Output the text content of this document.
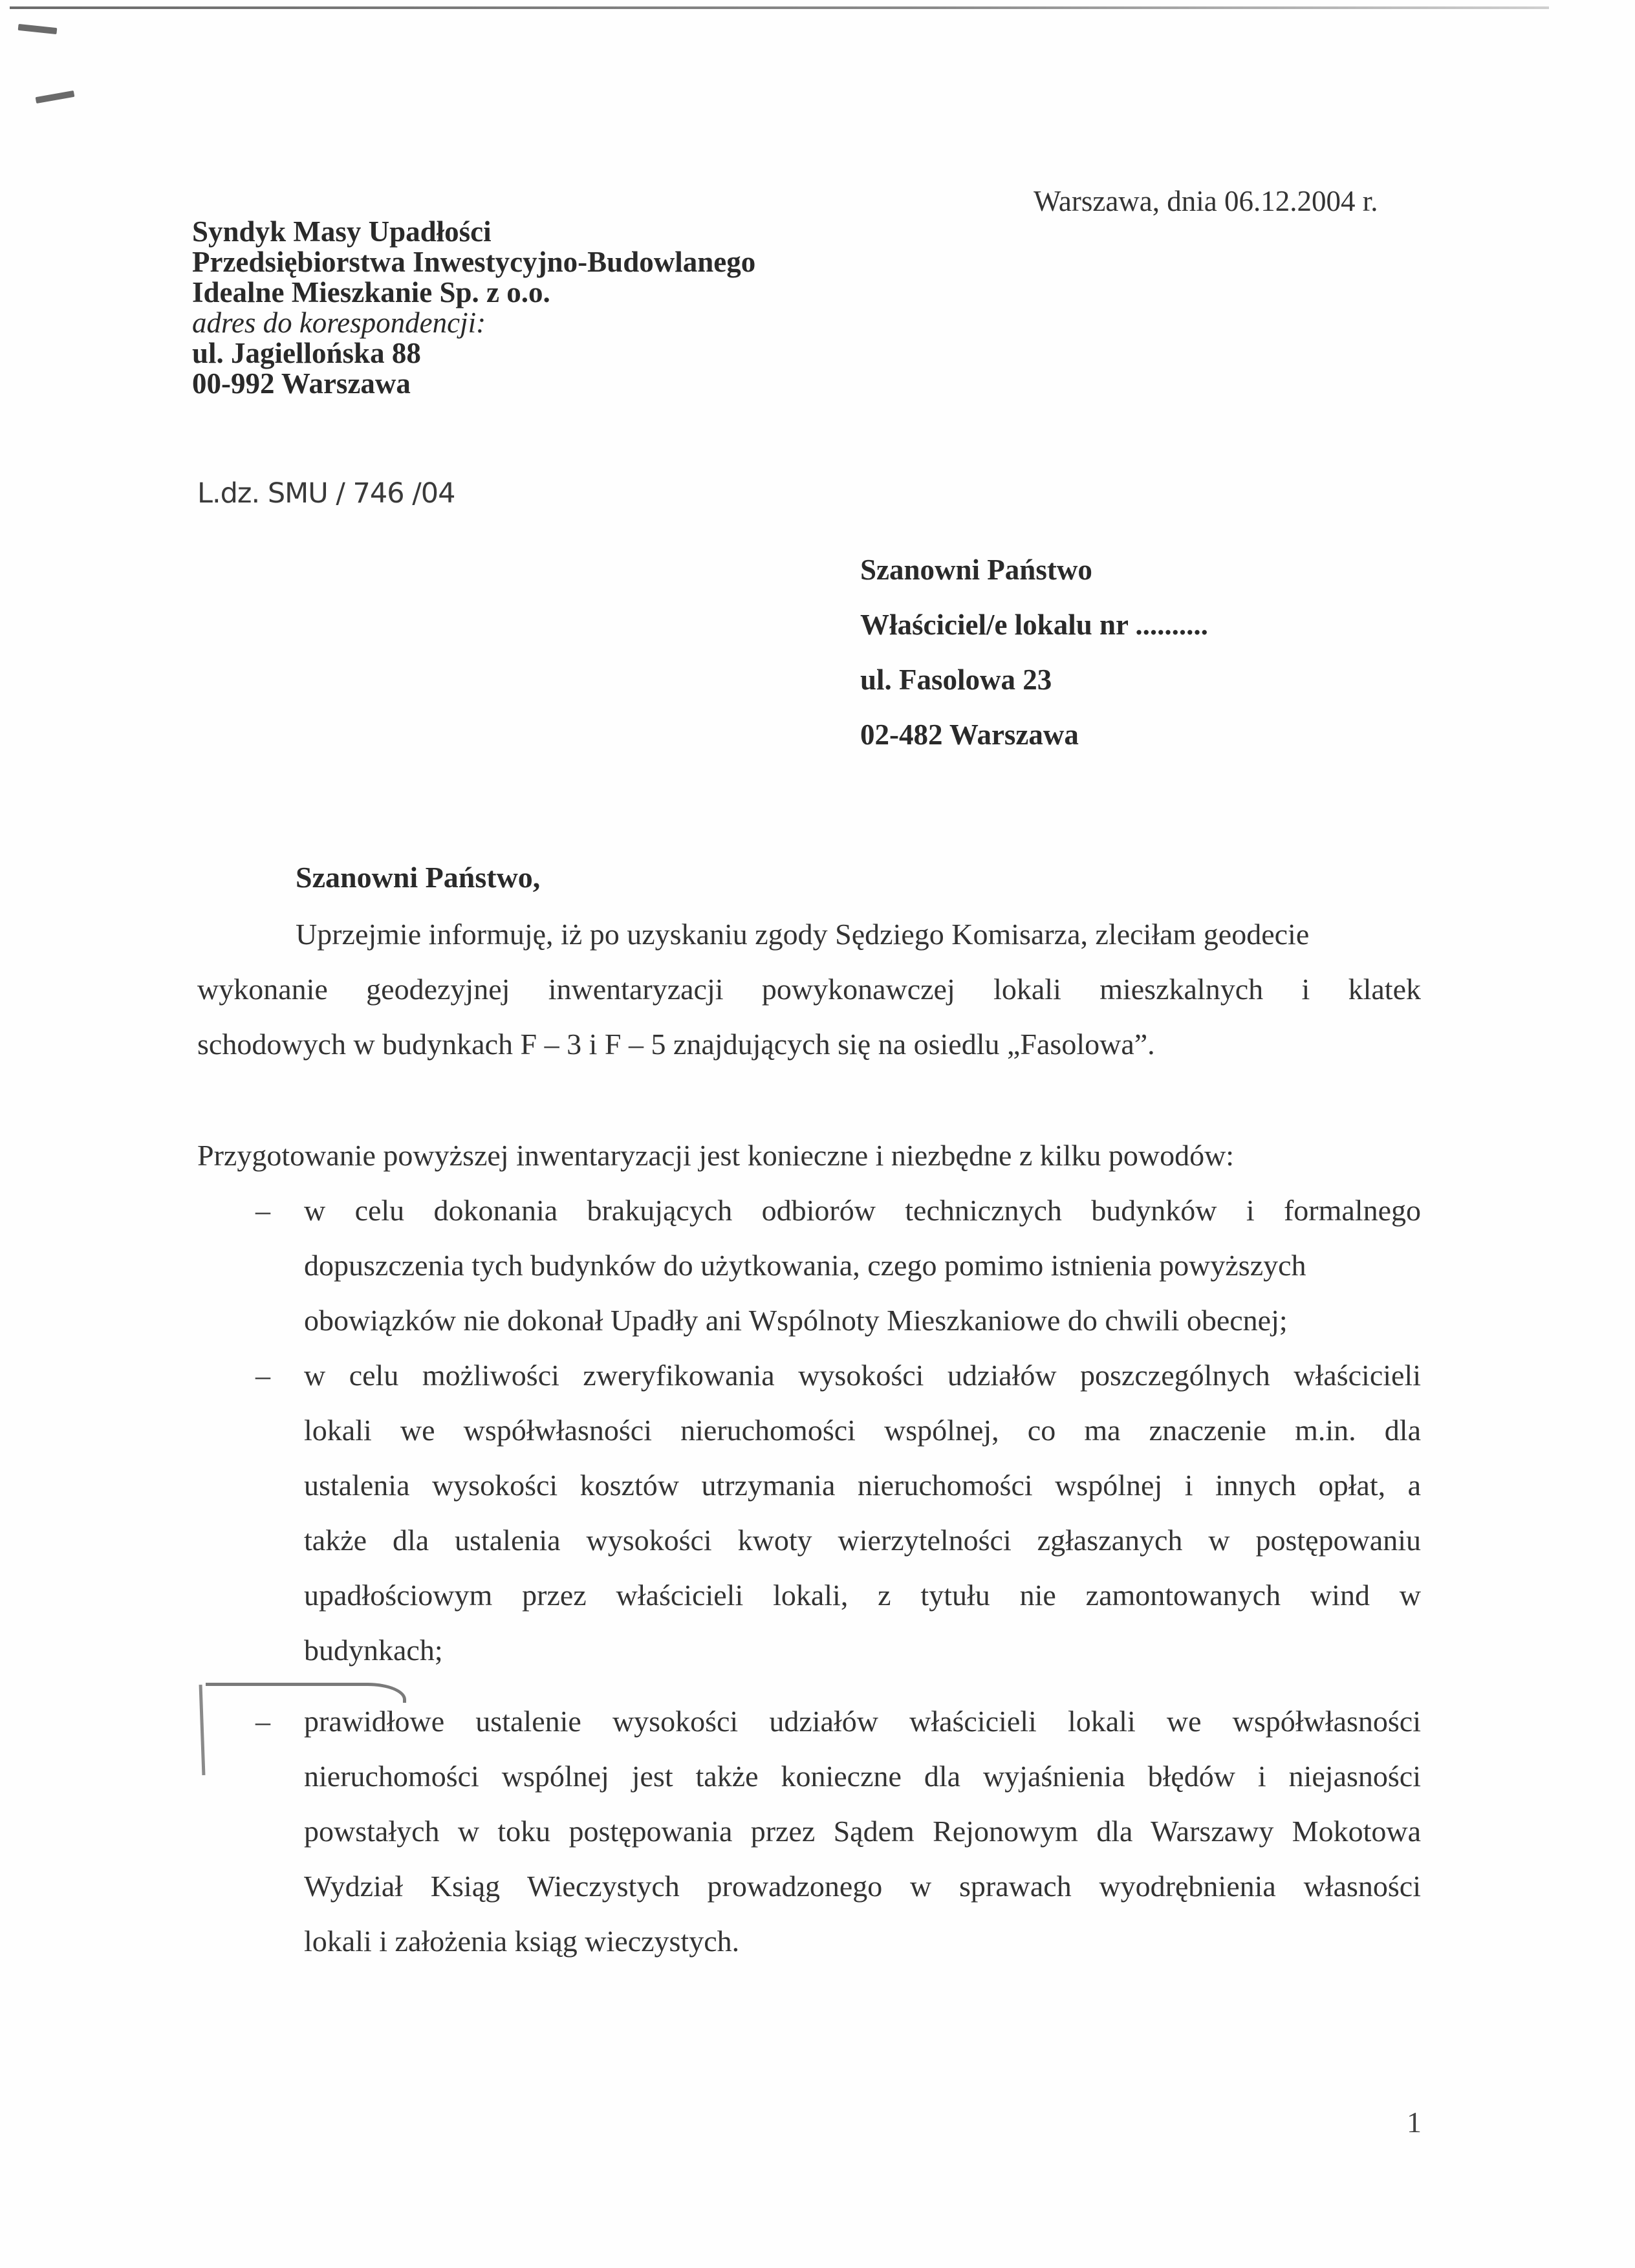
Syndyk Masy Upadłości
Przedsiębiorstwa Inwestycyjno-Budowlanego
Idealne Mieszkanie Sp. z o.o.
adres do korespondencji:
ul. Jagiellońska 88
00-992 Warszawa
Warszawa, dnia 06.12.2004 r.
L.dz. SMU / 746 /04
Szanowni Państwo
Właściciel/e lokalu nr ..........
ul. Fasolowa 23
02-482 Warszawa
Szanowni Państwo,
Uprzejmie informuję, iż po uzyskaniu zgody Sędziego Komisarza, zleciłam geodecie
wykonanie geodezyjnej inwentaryzacji powykonawczej lokali mieszkalnych i klatek
schodowych w budynkach F – 3 i F – 5 znajdujących się na osiedlu „Fasolowa”.
Przygotowanie powyższej inwentaryzacji jest konieczne i niezbędne z kilku powodów:
– w celu dokonania brakujących odbiorów technicznych budynków i formalnego
dopuszczenia tych budynków do użytkowania, czego pomimo istnienia powyższych
obowiązków nie dokonał Upadły ani Wspólnoty Mieszkaniowe do chwili obecnej;
– w celu możliwości zweryfikowania wysokości udziałów poszczególnych właścicieli
lokali we współwłasności nieruchomości wspólnej, co ma znaczenie m.in. dla
ustalenia wysokości kosztów utrzymania nieruchomości wspólnej i innych opłat, a
także dla ustalenia wysokości kwoty wierzytelności zgłaszanych w postępowaniu
upadłościowym przez właścicieli lokali, z tytułu nie zamontowanych wind w
budynkach;
– prawidłowe ustalenie wysokości udziałów właścicieli lokali we współwłasności
nieruchomości wspólnej jest także konieczne dla wyjaśnienia błędów i niejasności
powstałych w toku postępowania przez Sądem Rejonowym dla Warszawy Mokotowa
Wydział Ksiąg Wieczystych prowadzonego w sprawach wyodrębnienia własności
lokali i założenia ksiąg wieczystych.
1
